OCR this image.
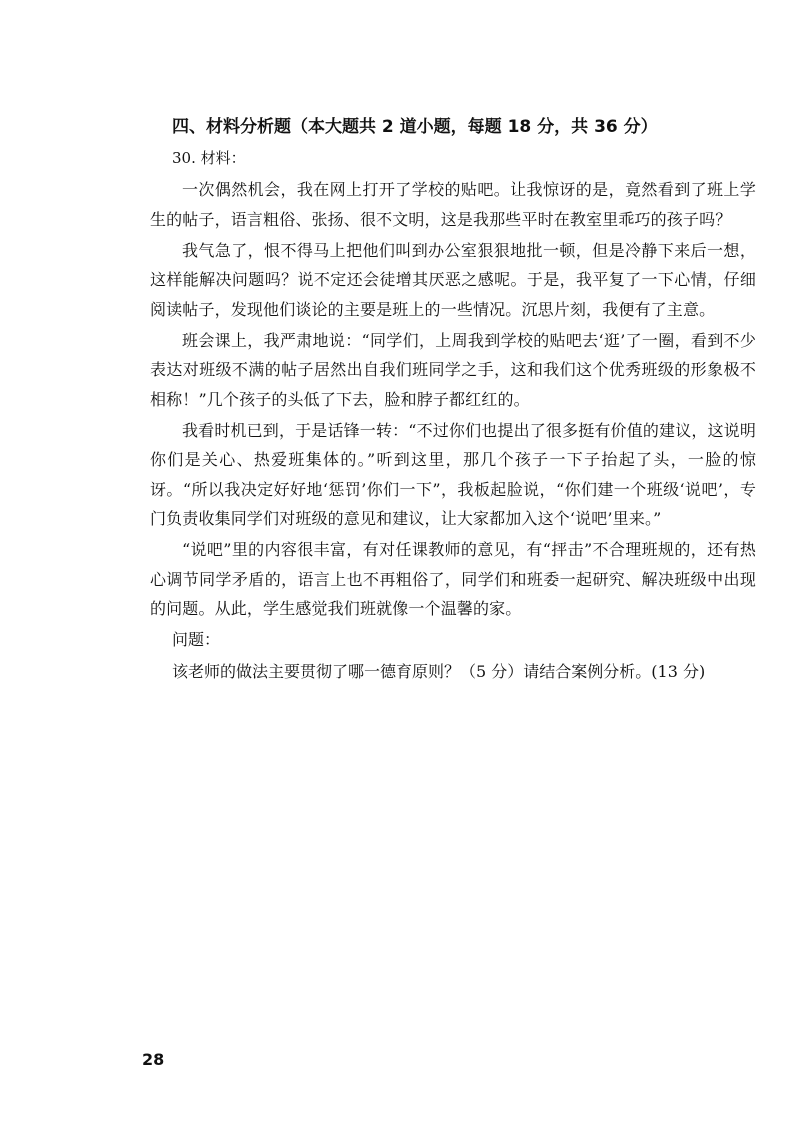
四、材料分析题（本大题共 2 道小题，每题 18 分，共 36 分）
30. 材料：

一次偶然机会，我在网上打开了学校的贴吧。让我惊讶的是，竟然看到了班上学生的帖子，语言粗俗、张扬、很不文明，这是我那些平时在教室里乖巧的孩子吗？

我气急了，恨不得马上把他们叫到办公室狠狠地批一顿，但是冷静下来后一想，这样能解决问题吗？说不定还会徒增其厌恶之感呢。于是，我平复了一下心情，仔细阅读帖子，发现他们谈论的主要是班上的一些情况。沉思片刻，我便有了主意。

班会课上，我严肃地说：“同学们，上周我到学校的贴吧去‘逛’了一圈，看到不少表达对班级不满的帖子居然出自我们班同学之手，这和我们这个优秀班级的形象极不相称！”几个孩子的头低了下去，脸和脖子都红红的。

我看时机已到，于是话锋一转：“不过你们也提出了很多挺有价值的建议，这说明你们是关心、热爱班集体的。”听到这里，那几个孩子一下子抬起了头，一脸的惊讶。“所以我决定好好地‘惩罚’你们一下”，我板起脸说，“你们建一个班级‘说吧’，专门负责收集同学们对班级的意见和建议，让大家都加入这个‘说吧’里来。”

“说吧”里的内容很丰富，有对任课教师的意见，有“抨击”不合理班规的，还有热心调节同学矛盾的，语言上也不再粗俗了，同学们和班委一起研究、解决班级中出现的问题。从此，学生感觉我们班就像一个温馨的家。

问题：
该老师的做法主要贯彻了哪一德育原则？（5 分）请结合案例分析。(13 分)
28
